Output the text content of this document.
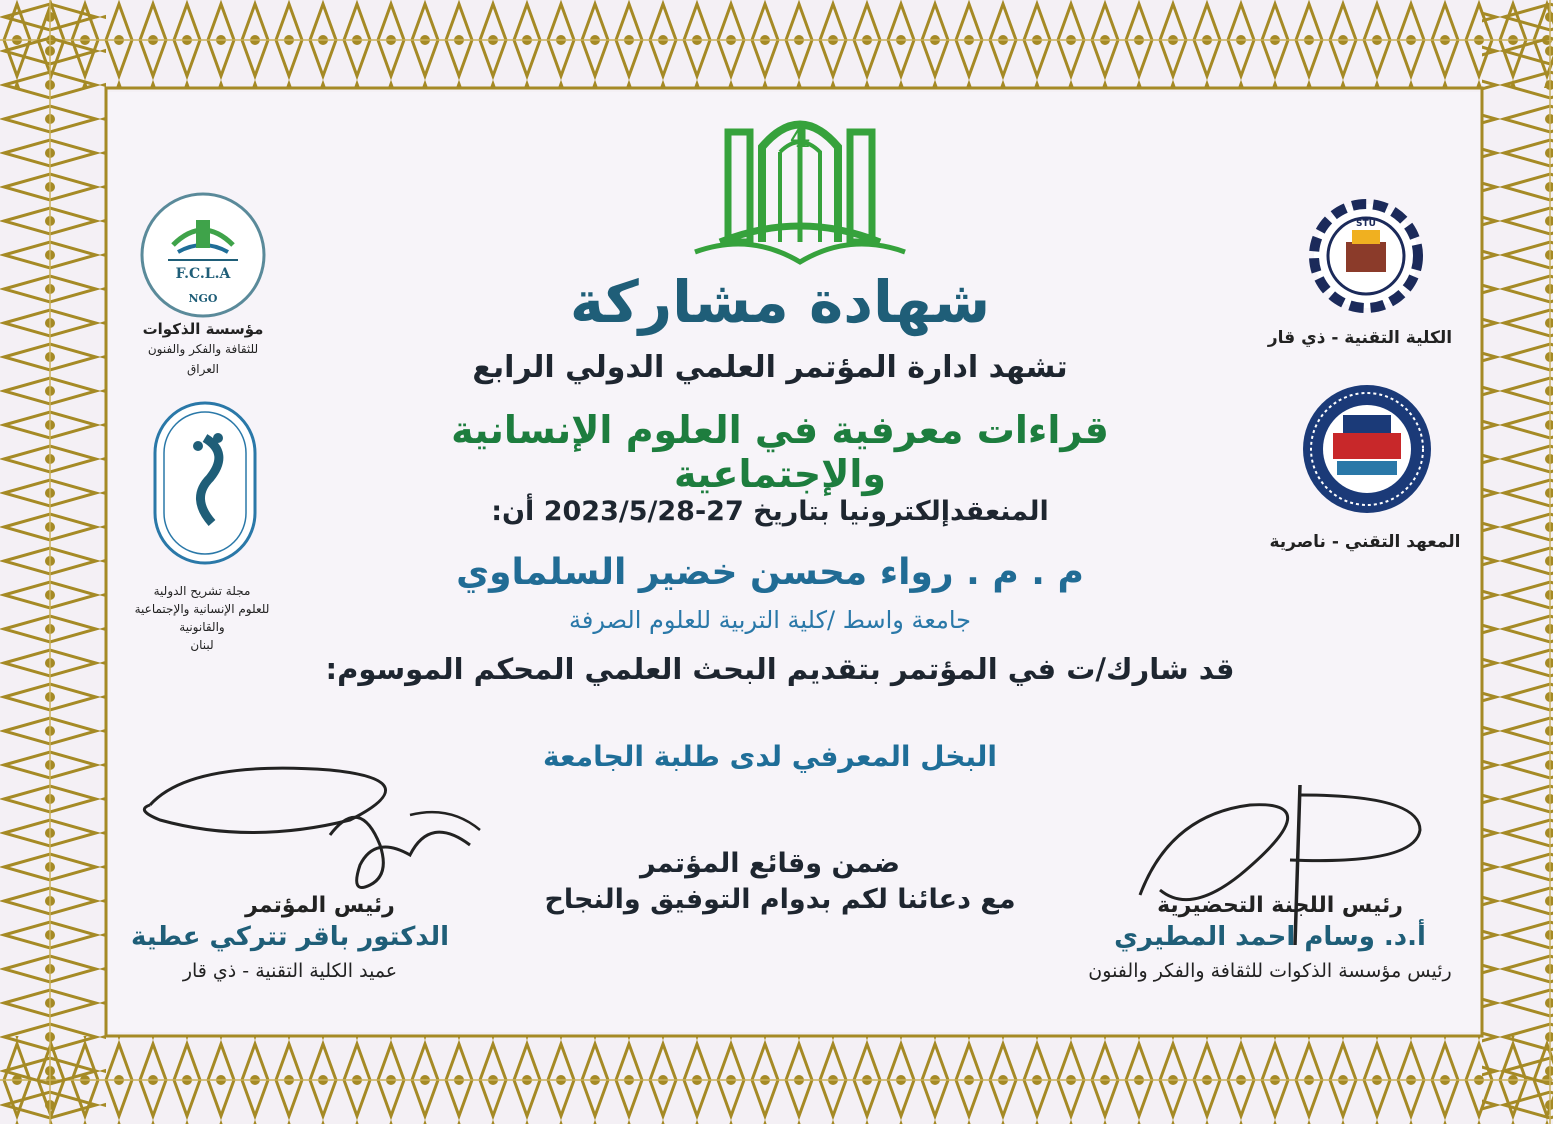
4
شهادة مشاركة
تشهد ادارة المؤتمر العلمي الدولي الرابع
قراءات معرفية في العلوم الإنسانية والإجتماعية
المنعقدإلكترونيا بتاريخ 27-2023/5/28 أن:
م . م . رواء محسن خضير السلماوي
جامعة واسط /كلية التربية للعلوم الصرفة
قد شارك/ت في المؤتمر بتقديم البحث العلمي المحكم الموسوم:
البخل المعرفي لدى طلبة الجامعة
ضمن وقائع المؤتمر
مع دعائنا لكم بدوام التوفيق والنجاح
F.C.L.A
NGO
مؤسسة الذكوات
للثقافة والفكر والفنون
العراق
مجلة تشريح الدولية
للعلوم الإنسانية والإجتماعية
والقانونية
لبنان
STU
الكلية التقنية - ذي قار
المعهد التقني - ناصرية
رئيس المؤتمر
الدكتور باقر تتركي عطية
عميد الكلية التقنية - ذي قار
رئيس اللجنة التحضيرية
أ.د. وسام احمد المطيري
رئيس مؤسسة الذكوات للثقافة والفكر والفنون
